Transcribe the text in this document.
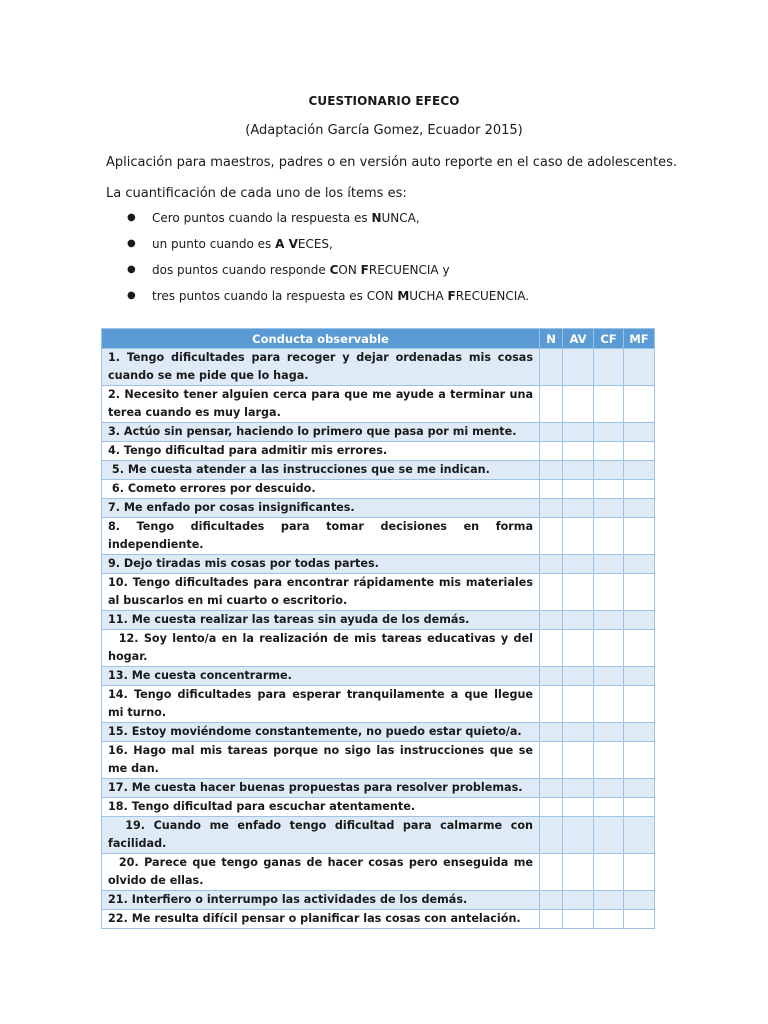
CUESTIONARIO EFECO
(Adaptación García Gomez, Ecuador 2015)
Aplicación para maestros, padres o en versión auto reporte en el caso de adolescentes.
La cuantificación de cada uno de los ítems es:
● Cero puntos cuando la respuesta es NUNCA,
● un punto cuando es A VECES,
● dos puntos cuando responde CON FRECUENCIA y
● tres puntos cuando la respuesta es CON MUCHA FRECUENCIA.
Conducta observable	N	AV	CF	MF
1. Tengo dificultades para recoger y dejar ordenadas mis cosas cuando se me pide que lo haga.				
2. Necesito tener alguien cerca para que me ayude a terminar una terea cuando es muy larga.				
3. Actúo sin pensar, haciendo lo primero que pasa por mi mente.				
4. Tengo dificultad para admitir mis errores.				
5. Me cuesta atender a las instrucciones que se me indican.				
6. Cometo errores por descuido.				
7. Me enfado por cosas insignificantes.				
8. Tengo dificultades para tomar decisiones en forma independiente.				
9. Dejo tiradas mis cosas por todas partes.				
10. Tengo dificultades para encontrar rápidamente mis materiales al buscarlos en mi cuarto o escritorio.				
11. Me cuesta realizar las tareas sin ayuda de los demás.				
12. Soy lento/a en la realización de mis tareas educativas y del hogar.				
13. Me cuesta concentrarme.				
14. Tengo dificultades para esperar tranquilamente a que llegue mi turno.				
15. Estoy moviéndome constantemente, no puedo estar quieto/a.				
16. Hago mal mis tareas porque no sigo las instrucciones que se me dan.				
17. Me cuesta hacer buenas propuestas para resolver problemas.				
18. Tengo dificultad para escuchar atentamente.				
19. Cuando me enfado tengo dificultad para calmarme con facilidad.				
20. Parece que tengo ganas de hacer cosas pero enseguida me olvido de ellas.				
21. Interfiero o interrumpo las actividades de los demás.				
22. Me resulta difícil pensar o planificar las cosas con antelación.				
